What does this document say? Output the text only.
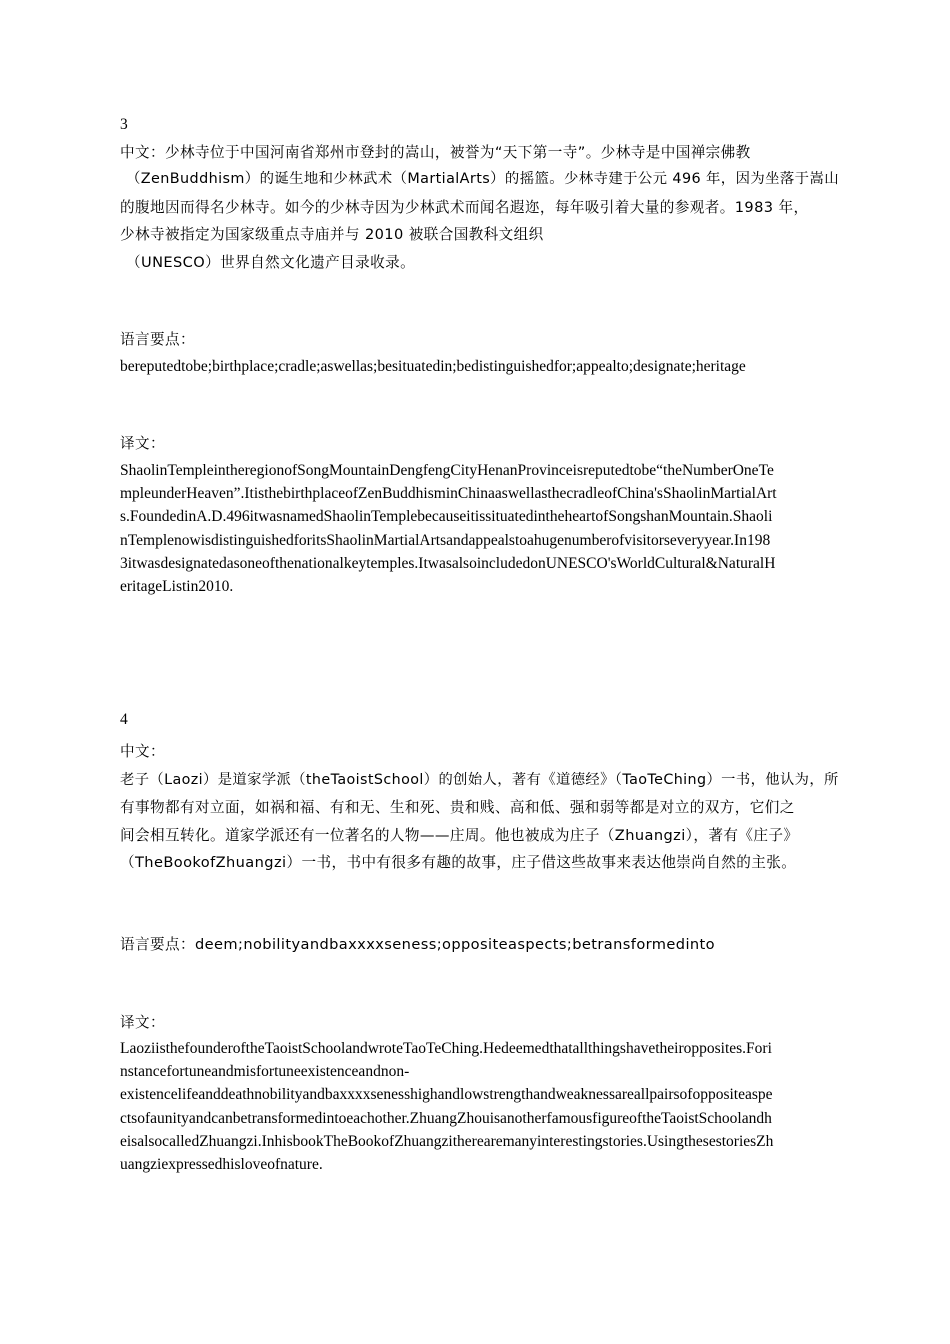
3
中文：少林寺位于中国河南省郑州市登封的嵩山，被誉为“天下第一寺”。少林寺是中国禅宗佛教
（ZenBuddhism）的诞生地和少林武术（MartialArts）的摇篮。少林寺建于公元 496 年，因为坐落于嵩山
的腹地因而得名少林寺。如今的少林寺因为少林武术而闻名遐迩，每年吸引着大量的参观者。1983 年，
少林寺被指定为国家级重点寺庙并与 2010 被联合国教科文组织
（UNESCO）世界自然文化遗产目录收录。
语言要点：
bereputedtobe;birthplace;cradle;aswellas;besituatedin;bedistinguishedfor;appealto;designate;heritage
译文：
ShaolinTempleintheregionofSongMountainDengfengCityHenanProvinceisreputedtobe“theNumberOneTe
mpleunderHeaven”.ItisthebirthplaceofZenBuddhisminChinaaswellasthecradleofChina'sShaolinMartialArt
s.FoundedinA.D.496itwasnamedShaolinTemplebecauseitissituatedintheheartofSongshanMountain.Shaoli
nTemplenowisdistinguishedforitsShaolinMartialArtsandappealstoahugenumberofvisitorseveryyear.In198
3itwasdesignatedasoneofthenationalkeytemples.ItwasalsoincludedonUNESCO'sWorldCultural&NaturalH
eritageListin2010.
4
中文：
老子（Laozi）是道家学派（theTaoistSchool）的创始人，著有《道德经》（TaoTeChing）一书，他认为，所
有事物都有对立面，如祸和福、有和无、生和死、贵和贱、高和低、强和弱等都是对立的双方，它们之
间会相互转化。道家学派还有一位著名的人物——庄周。他也被成为庄子（Zhuangzi），著有《庄子》
（TheBookofZhuangzi）一书，书中有很多有趣的故事，庄子借这些故事来表达他崇尚自然的主张。
语言要点：deem;nobilityandbaxxxxseness;oppositeaspects;betransformedinto
译文：
LaoziisthefounderoftheTaoistSchoolandwroteTaoTeChing.Hedeemedthatallthingshavetheiropposites.Fori
nstancefortuneandmisfortuneexistenceandnon-
existencelifeanddeathnobilityandbaxxxxsenesshighandlowstrengthandweaknessareallpairsofoppositeaspe
ctsofaunityandcanbetransformedintoeachother.ZhuangZhouisanotherfamousfigureoftheTaoistSchoolandh
eisalsocalledZhuangzi.InhisbookTheBookofZhuangzitherearemanyinterestingstories.UsingthesestoriesZh
uangziexpressedhisloveofnature.
